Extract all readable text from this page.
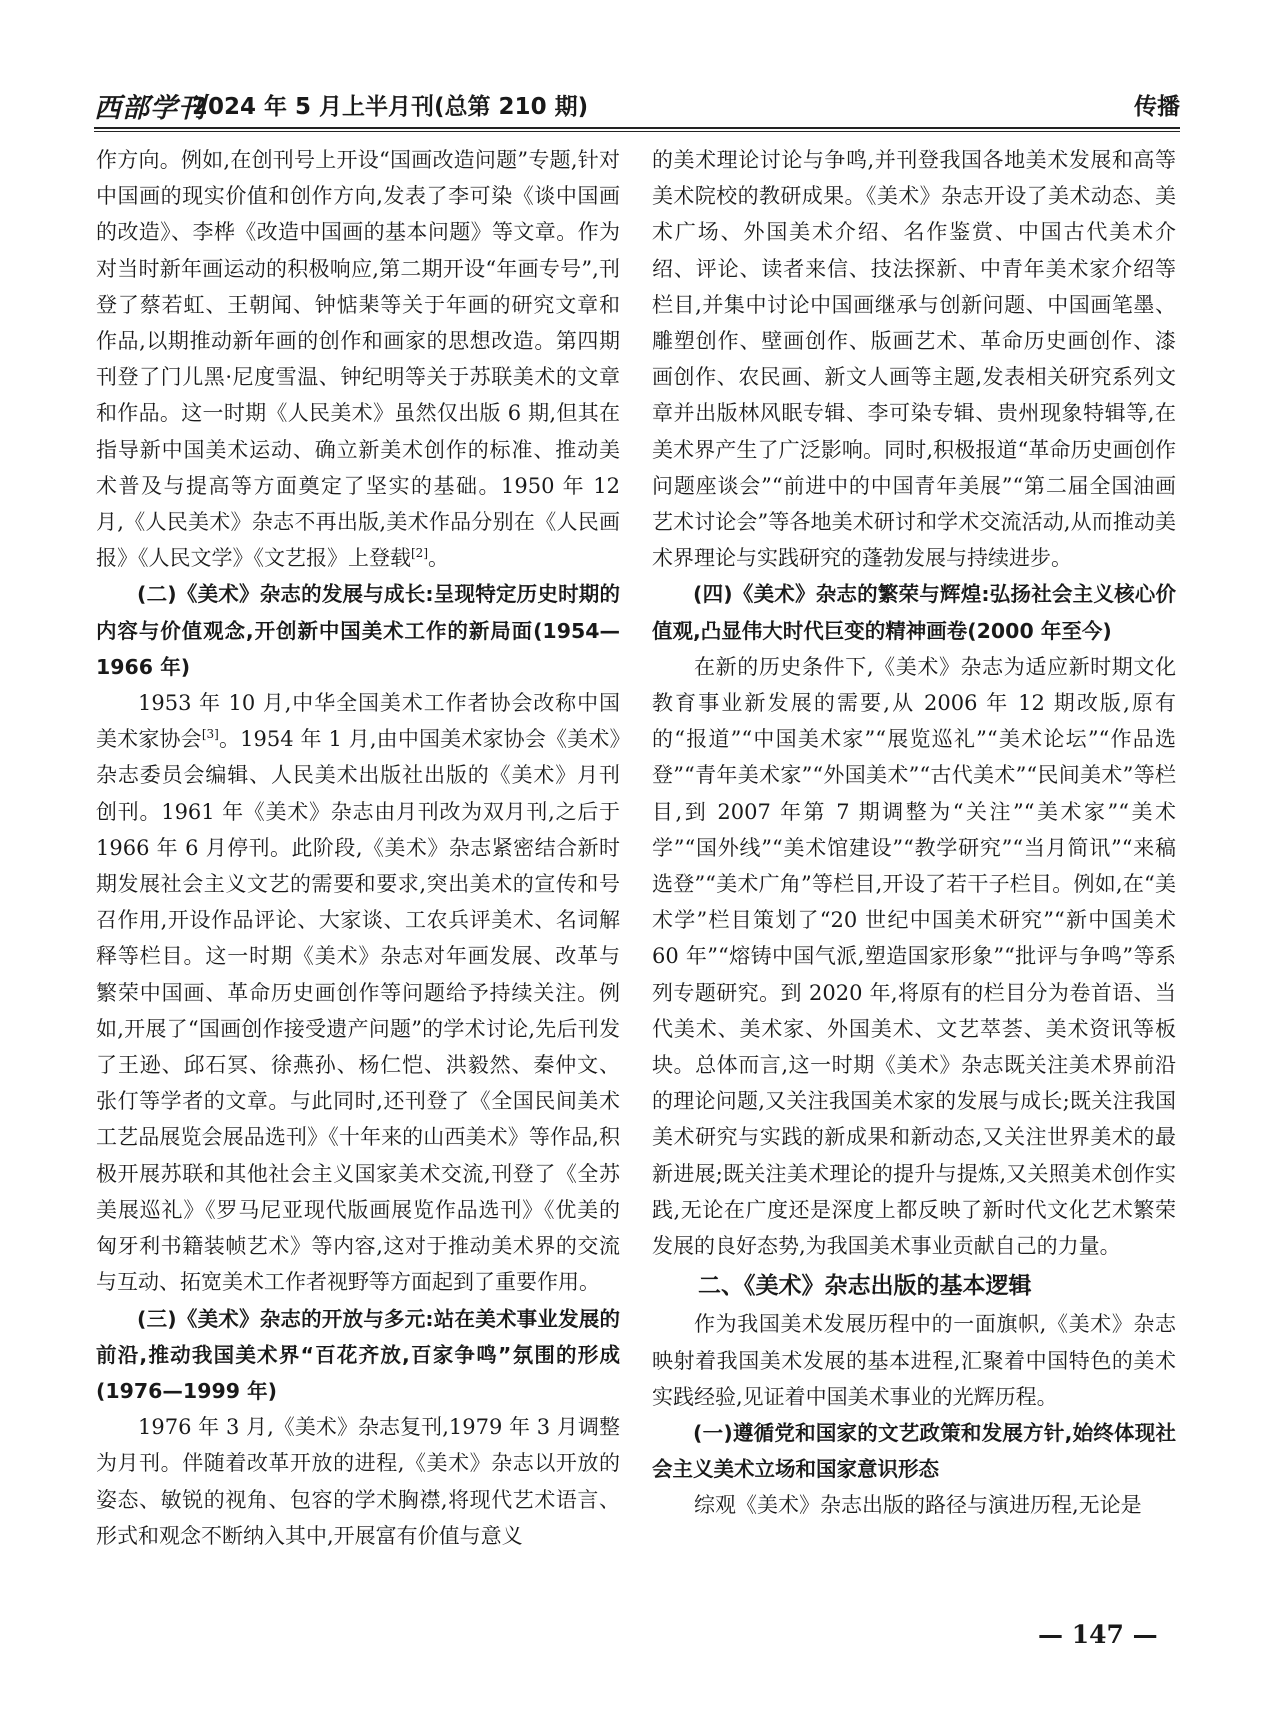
西部学刊
2024 年 5 月上半月刊(总第 210 期)	传播

作方向。例如,在创刊号上开设“国画改造问题”专题,针对中国画的现实价值和创作方向,发表了李可染《谈中国画的改造》、李桦《改造中国画的基本问题》等文章。作为对当时新年画运动的积极响应,第二期开设“年画专号”,刊登了蔡若虹、王朝闻、钟惦棐等关于年画的研究文章和作品,以期推动新年画的创作和画家的思想改造。第四期刊登了门儿黑·尼度雪温、钟纪明等关于苏联美术的文章和作品。这一时期《人民美术》虽然仅出版 6 期,但其在指导新中国美术运动、确立新美术创作的标准、推动美术普及与提高等方面奠定了坚实的基础。1950 年 12 月,《人民美术》杂志不再出版,美术作品分别在《人民画报》《人民文学》《文艺报》上登载[2]。

(二)《美术》杂志的发展与成长:呈现特定历史时期的内容与价值观念,开创新中国美术工作的新局面(1954—1966 年)

1953 年 10 月,中华全国美术工作者协会改称中国美术家协会[3]。1954 年 1 月,由中国美术家协会《美术》杂志委员会编辑、人民美术出版社出版的《美术》月刊创刊。1961 年《美术》杂志由月刊改为双月刊,之后于 1966 年 6 月停刊。此阶段,《美术》杂志紧密结合新时期发展社会主义文艺的需要和要求,突出美术的宣传和号召作用,开设作品评论、大家谈、工农兵评美术、名词解释等栏目。这一时期《美术》杂志对年画发展、改革与繁荣中国画、革命历史画创作等问题给予持续关注。例如,开展了“国画创作接受遗产问题”的学术讨论,先后刊发了王逊、邱石冥、徐燕孙、杨仁恺、洪毅然、秦仲文、张仃等学者的文章。与此同时,还刊登了《全国民间美术工艺品展览会展品选刊》《十年来的山西美术》等作品,积极开展苏联和其他社会主义国家美术交流,刊登了《全苏美展巡礼》《罗马尼亚现代版画展览作品选刊》《优美的匈牙利书籍装帧艺术》等内容,这对于推动美术界的交流与互动、拓宽美术工作者视野等方面起到了重要作用。

(三)《美术》杂志的开放与多元:站在美术事业发展的前沿,推动我国美术界“百花齐放,百家争鸣”氛围的形成(1976—1999 年)

1976 年 3 月,《美术》杂志复刊,1979 年 3 月调整为月刊。伴随着改革开放的进程,《美术》杂志以开放的姿态、敏锐的视角、包容的学术胸襟,将现代艺术语言、形式和观念不断纳入其中,开展富有价值与意义

的美术理论讨论与争鸣,并刊登我国各地美术发展和高等美术院校的教研成果。《美术》杂志开设了美术动态、美术广场、外国美术介绍、名作鉴赏、中国古代美术介绍、评论、读者来信、技法探新、中青年美术家介绍等栏目,并集中讨论中国画继承与创新问题、中国画笔墨、雕塑创作、壁画创作、版画艺术、革命历史画创作、漆画创作、农民画、新文人画等主题,发表相关研究系列文章并出版林风眠专辑、李可染专辑、贵州现象特辑等,在美术界产生了广泛影响。同时,积极报道“革命历史画创作问题座谈会”“前进中的中国青年美展”“第二届全国油画艺术讨论会”等各地美术研讨和学术交流活动,从而推动美术界理论与实践研究的蓬勃发展与持续进步。

(四)《美术》杂志的繁荣与辉煌:弘扬社会主义核心价值观,凸显伟大时代巨变的精神画卷(2000 年至今)

在新的历史条件下,《美术》杂志为适应新时期文化教育事业新发展的需要,从 2006 年 12 期改版,原有的“报道”“中国美术家”“展览巡礼”“美术论坛”“作品选登”“青年美术家”“外国美术”“古代美术”“民间美术”等栏目,到 2007 年第 7 期调整为“关注”“美术家”“美术学”“国外线”“美术馆建设”“教学研究”“当月简讯”“来稿选登”“美术广角”等栏目,开设了若干子栏目。例如,在“美术学”栏目策划了“20 世纪中国美术研究”“新中国美术 60 年”“熔铸中国气派,塑造国家形象”“批评与争鸣”等系列专题研究。到 2020 年,将原有的栏目分为卷首语、当代美术、美术家、外国美术、文艺萃荟、美术资讯等板块。总体而言,这一时期《美术》杂志既关注美术界前沿的理论问题,又关注我国美术家的发展与成长;既关注我国美术研究与实践的新成果和新动态,又关注世界美术的最新进展;既关注美术理论的提升与提炼,又关照美术创作实践,无论在广度还是深度上都反映了新时代文化艺术繁荣发展的良好态势,为我国美术事业贡献自己的力量。

二、《美术》杂志出版的基本逻辑

作为我国美术发展历程中的一面旗帜,《美术》杂志映射着我国美术发展的基本进程,汇聚着中国特色的美术实践经验,见证着中国美术事业的光辉历程。

(一)遵循党和国家的文艺政策和发展方针,始终体现社会主义美术立场和国家意识形态

综观《美术》杂志出版的路径与演进历程,无论是

— 147 —
